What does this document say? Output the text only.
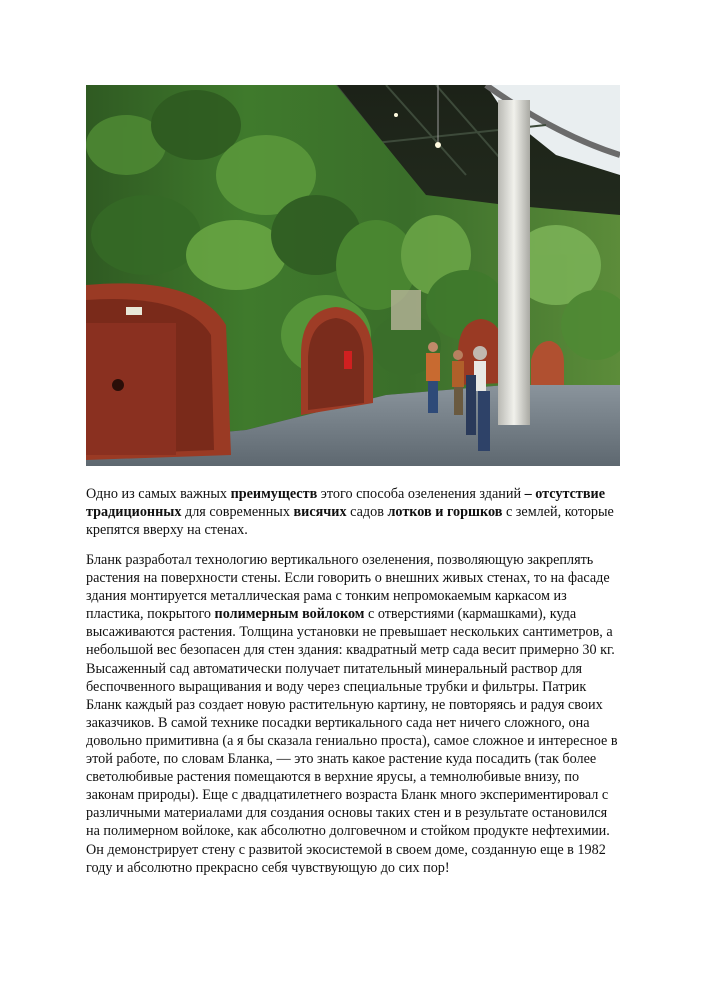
Одно из самых важных преимуществ этого способа озеленения зданий – отсутствие традиционных для современных висячих садов лотков и горшков с землей, которые крепятся вверху на стенах.
Бланк разработал технологию вертикального озеленения, позволяющую закреплять растения на поверхности стены. Если говорить о внешних живых стенах, то на фасаде здания монтируется металлическая рама с тонким непромокаемым каркасом из пластика, покрытого полимерным войлоком с отверстиями (кармашками), куда высаживаются растения. Толщина установки не превышает нескольких сантиметров, а небольшой вес безопасен для стен здания: квадратный метр сада весит примерно 30 кг. Высаженный сад автоматически получает питательный минеральный раствор для беспочвенного выращивания и воду через специальные трубки и фильтры. Патрик Бланк каждый раз создает новую растительную картину, не повторяясь и радуя своих заказчиков. В самой технике посадки вертикального сада нет ничего сложного, она довольно примитивна (а я бы сказала гениально проста), самое сложное и интересное в этой работе, по словам Бланка, — это знать какое растение куда посадить (так более светолюбивые растения помещаются в верхние ярусы, а темнолюбивые внизу, по законам природы). Еще с двадцатилетнего возраста Бланк много экспериментировал с различными материалами для создания основы таких стен и в результате остановился на полимерном войлоке, как абсолютно долговечном и стойком продукте нефтехимии. Он демонстрирует стену с развитой экосистемой в своем доме, созданную еще в 1982 году и абсолютно прекрасно себя чувствующую до сих пор!
